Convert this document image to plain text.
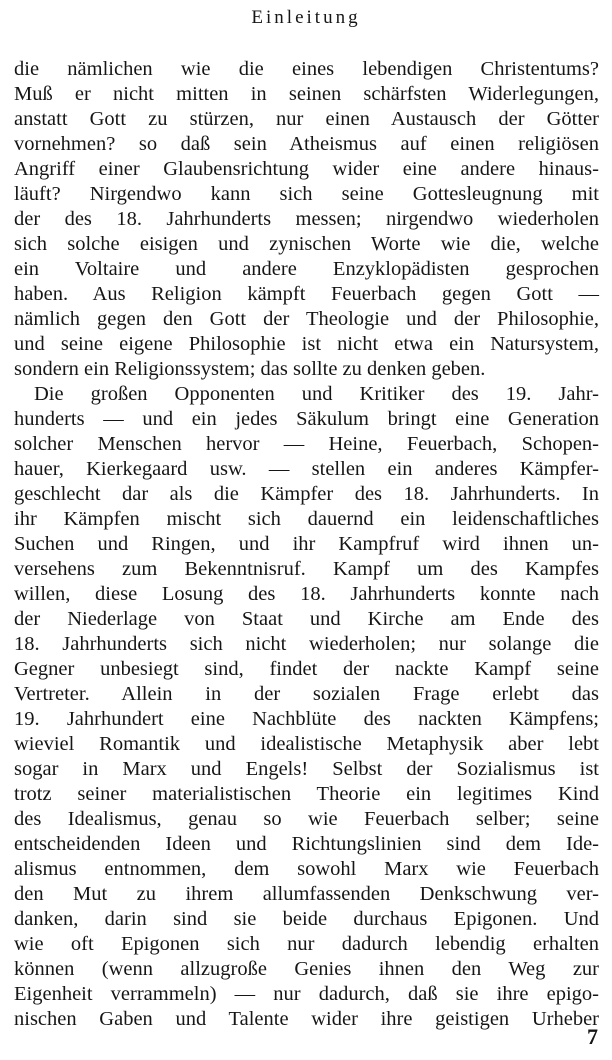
Einleitung
die nämlichen wie die eines lebendigen Christentums?
Muß er nicht mitten in seinen schärfsten Widerlegungen,
anstatt Gott zu stürzen, nur einen Austausch der Götter
vornehmen? so daß sein Atheismus auf einen religiösen
Angriff einer Glaubensrichtung wider eine andere hinaus-
läuft? Nirgendwo kann sich seine Gottesleugnung mit
der des 18. Jahrhunderts messen; nirgendwo wiederholen
sich solche eisigen und zynischen Worte wie die, welche
ein Voltaire und andere Enzyklopädisten gesprochen
haben. Aus Religion kämpft Feuerbach gegen Gott —
nämlich gegen den Gott der Theologie und der Philosophie,
und seine eigene Philosophie ist nicht etwa ein Natursystem,
sondern ein Religionssystem; das sollte zu denken geben.
Die großen Opponenten und Kritiker des 19. Jahr-
hunderts — und ein jedes Säkulum bringt eine Generation
solcher Menschen hervor — Heine, Feuerbach, Schopen-
hauer, Kierkegaard usw. — stellen ein anderes Kämpfer-
geschlecht dar als die Kämpfer des 18. Jahrhunderts. In
ihr Kämpfen mischt sich dauernd ein leidenschaftliches
Suchen und Ringen, und ihr Kampfruf wird ihnen un-
versehens zum Bekenntnisruf. Kampf um des Kampfes
willen, diese Losung des 18. Jahrhunderts konnte nach
der Niederlage von Staat und Kirche am Ende des
18. Jahrhunderts sich nicht wiederholen; nur solange die
Gegner unbesiegt sind, findet der nackte Kampf seine
Vertreter. Allein in der sozialen Frage erlebt das
19. Jahrhundert eine Nachblüte des nackten Kämpfens;
wieviel Romantik und idealistische Metaphysik aber lebt
sogar in Marx und Engels! Selbst der Sozialismus ist
trotz seiner materialistischen Theorie ein legitimes Kind
des Idealismus, genau so wie Feuerbach selber; seine
entscheidenden Ideen und Richtungslinien sind dem Ide-
alismus entnommen, dem sowohl Marx wie Feuerbach
den Mut zu ihrem allumfassenden Denkschwung ver-
danken, darin sind sie beide durchaus Epigonen. Und
wie oft Epigonen sich nur dadurch lebendig erhalten
können (wenn allzugroße Genies ihnen den Weg zur
Eigenheit verrammeln) — nur dadurch, daß sie ihre epigo-
nischen Gaben und Talente wider ihre geistigen Urheber
7
